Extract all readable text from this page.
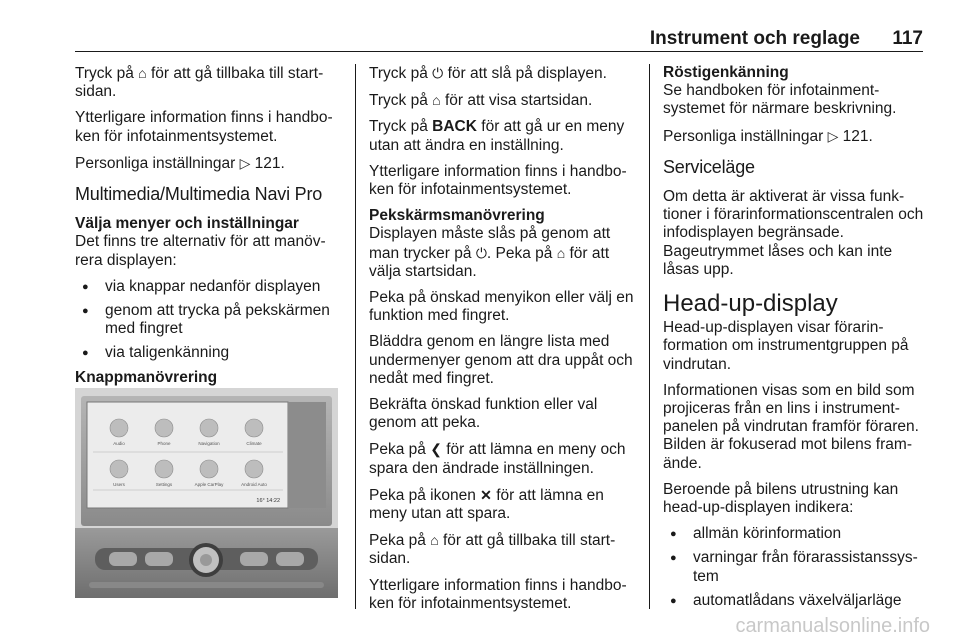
Instrument och reglage 117

Tryck på ⌂ för att gå tillbaka till startsidan.

Ytterligare information finns i handboken för infotainmentsystemet.

Personliga inställningar ▷ 121.

Multimedia/Multimedia Navi Pro
Välja menyer och inställningar

Det finns tre alternativ för att manövrera displayen:

● via knappar nedanför displayen
● genom att trycka på pekskärmen med fingret
● via taligenkänning
Knappmanövrering
Audio	Phone	Navigation	Climate
Users	Settings	Apple CarPlay	Android Auto
16° 14:22

Tryck på ⏻ för att slå på displayen.

Tryck på ⌂ för att visa startsidan.

Tryck på BACK för att gå ur en meny utan att ändra en inställning.

Ytterligare information finns i handboken för infotainmentsystemet.

Pekskärmsmanövrering

Displayen måste slås på genom att man trycker på ⏻. Peka på ⌂ för att välja startsidan.

Peka på önskad menyikon eller välj en funktion med fingret.

Bläddra genom en längre lista med undermenyer genom att dra uppåt och nedåt med fingret.

Bekräfta önskad funktion eller val genom att peka.

Peka på ❮ för att lämna en meny och spara den ändrade inställningen.

Peka på ikonen ✕ för att lämna en meny utan att spara.

Peka på ⌂ för att gå tillbaka till startsidan.

Ytterligare information finns i handboken för infotainmentsystemet.

Röstigenkänning

Se handboken för infotainmentsystemet för närmare beskrivning.

Personliga inställningar ▷ 121.

Serviceläge

Om detta är aktiverat är vissa funktioner i förarinformationscentralen och infodisplayen begränsade. Bageutrymmet låses och kan inte låsas upp.

Head-up-display

Head-up-displayen visar förarinformation om instrumentgruppen på vindrutan.

Informationen visas som en bild som projiceras från en lins i instrumentpanelen på vindrutan framför föraren. Bilden är fokuserad mot bilens framände.

Beroende på bilens utrustning kan head-up-displayen indikera:

● allmän körinformation
● varningar från förarassistanssystem
● automatlådans växelväljarläge
carmanualsonline.info
